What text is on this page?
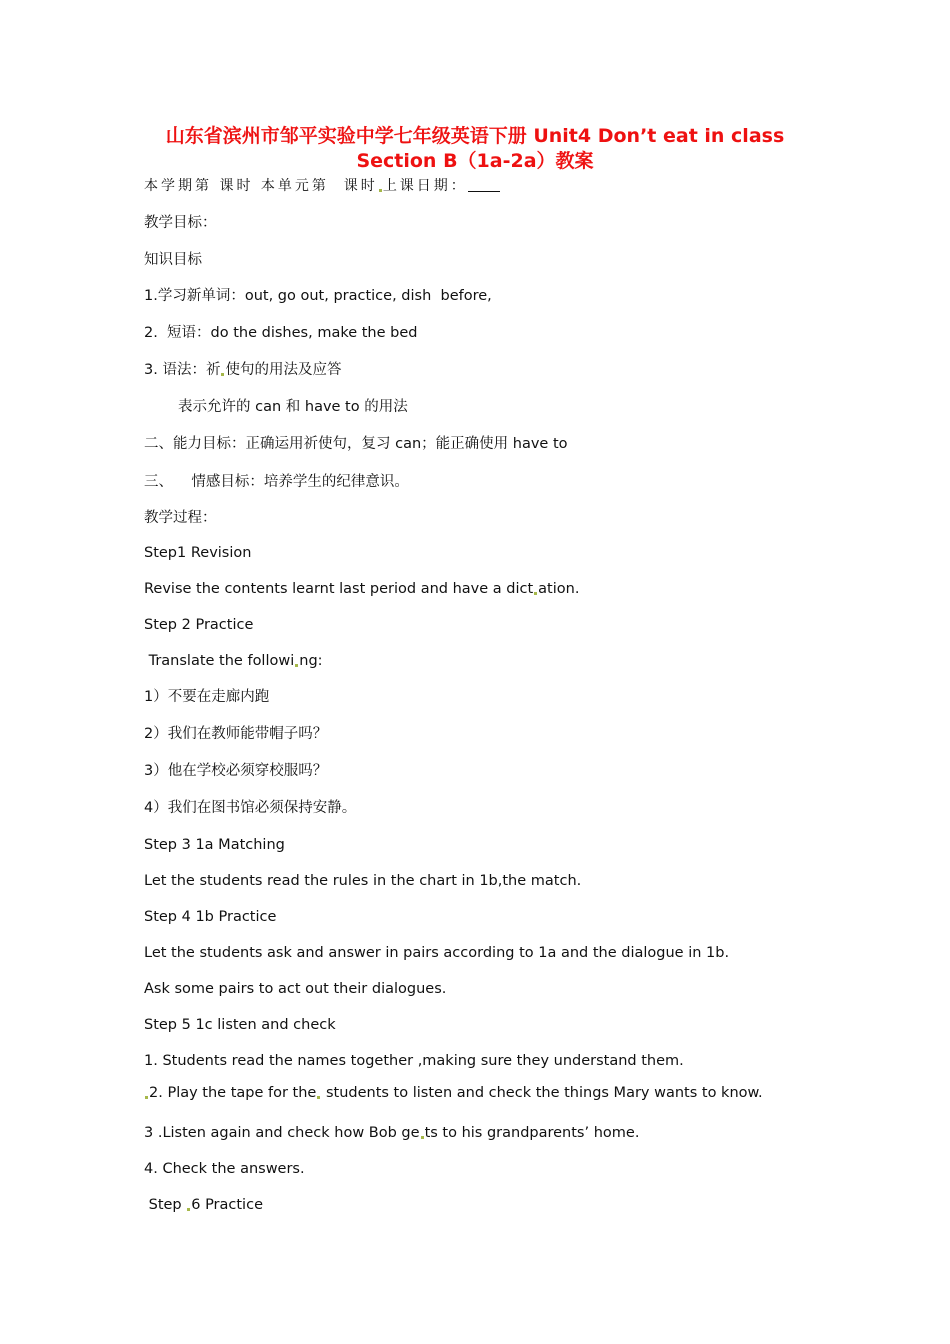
山东省滨州市邹平实验中学七年级英语下册 Unit4 Don’t eat in class
Section B（1a-2a）教案
本学期第 课时 本单元第  课时 上课日期：
教学目标：
知识目标
1.学习新单词：out, go out, practice, dish  before,
2.  短语：do the dishes, make the bed
3. 语法：祈 使句的用法及应答
表示允许的 can 和 have to 的用法
二、能力目标：正确运用祈使句，复习 can；能正确使用 have to
三、    情感目标：培养学生的纪律意识。
教学过程：
Step1 Revision
Revise the contents learnt last period and have a dict ation.
Step 2 Practice
Translate the followi ng:
1）不要在走廊内跑
2）我们在教师能带帽子吗？
3）他在学校必须穿校服吗？
4）我们在图书馆必须保持安静。
Step 3 1a Matching
Let the students read the rules in the chart in 1b,the match.
Step 4 1b Practice
Let the students ask and answer in pairs according to 1a and the dialogue in 1b.
Ask some pairs to act out their dialogues.
Step 5 1c listen and check
1. Students read the names together ,making sure they understand them.
2. Play the tape for the students to listen and check the things Mary wants to know.
3 .Listen again and check how Bob ge ts to his grandparents’ home.
4. Check the answers.
Step 6 Practice
